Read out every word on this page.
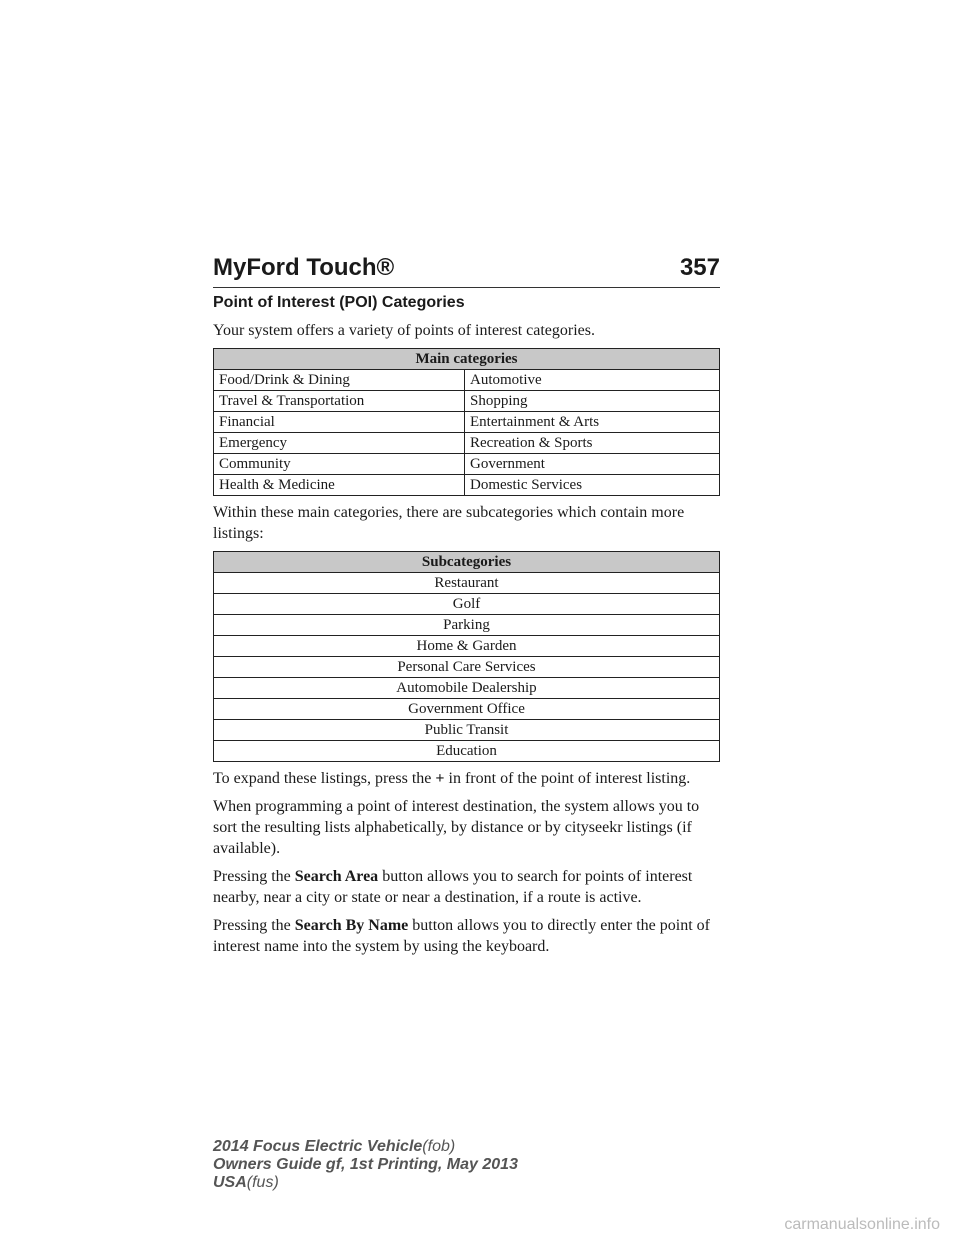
MyFord Touch®	357
Point of Interest (POI) Categories

Your system offers a variety of points of interest categories.

Main categories	
Food/Drink & Dining	Automotive
Travel & Transportation	Shopping
Financial	Entertainment & Arts
Emergency	Recreation & Sports
Community	Government
Health & Medicine	Domestic Services

Within these main categories, there are subcategories which contain more listings:

Subcategories
Restaurant
Golf
Parking
Home & Garden
Personal Care Services
Automobile Dealership
Government Office
Public Transit
Education

To expand these listings, press the + in front of the point of interest listing.

When programming a point of interest destination, the system allows you to sort the resulting lists alphabetically, by distance or by cityseekr listings (if available).

Pressing the Search Area button allows you to search for points of interest nearby, near a city or state or near a destination, if a route is active.

Pressing the Search By Name button allows you to directly enter the point of interest name into the system by using the keyboard.

2014 Focus Electric Vehicle(fob)
Owners Guide gf, 1st Printing, May 2013
USA(fus)
carmanualsonline.info
